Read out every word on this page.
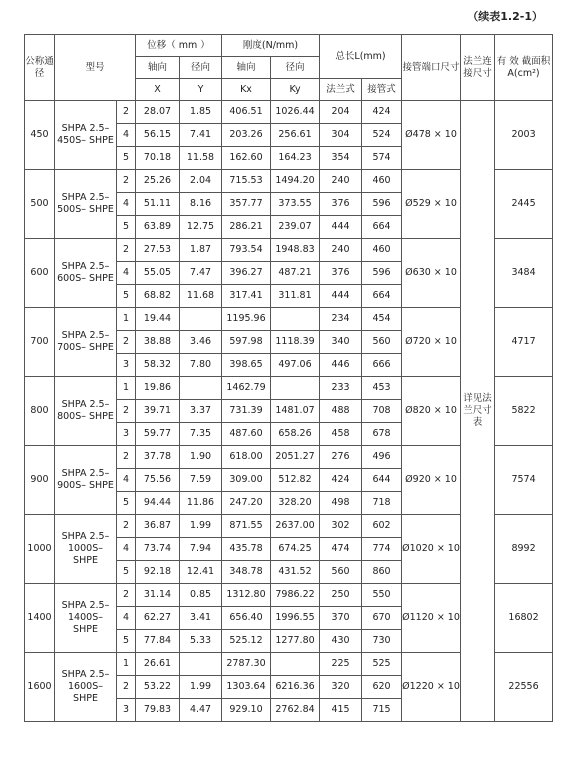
（续表1.2-1）
公称通径	型号		位移（ mm ）		刚度(N/mm)		总长L(mm)		接管端口尺寸	法兰连接尺寸	有 效 截面积 A(cm²)
			轴向	径向	轴向	径向					
			X	Y	Kx	Ky	法兰式	接管式			
450	SHPA 2.5–450S– SHPE	2	28.07	1.85	406.51	1026.44	204	424	Ø478 × 10	详见法兰尺寸表	2003
		4	56.15	7.41	203.26	256.61	304	524			
		5	70.18	11.58	162.60	164.23	354	574			
500	SHPA 2.5–500S– SHPE	2	25.26	2.04	715.53	1494.20	240	460	Ø529 × 10		2445
		4	51.11	8.16	357.77	373.55	376	596			
		5	63.89	12.75	286.21	239.07	444	664			
600	SHPA 2.5–600S– SHPE	2	27.53	1.87	793.54	1948.83	240	460	Ø630 × 10		3484
		4	55.05	7.47	396.27	487.21	376	596			
		5	68.82	11.68	317.41	311.81	444	664			
700	SHPA 2.5–700S– SHPE	1	19.44		1195.96		234	454	Ø720 × 10		4717
		2	38.88	3.46	597.98	1118.39	340	560			
		3	58.32	7.80	398.65	497.06	446	666			
800	SHPA 2.5–800S– SHPE	1	19.86		1462.79		233	453	Ø820 × 10		5822
		2	39.71	3.37	731.39	1481.07	488	708			
		3	59.77	7.35	487.60	658.26	458	678			
900	SHPA 2.5–900S– SHPE	2	37.78	1.90	618.00	2051.27	276	496	Ø920 × 10		7574
		4	75.56	7.59	309.00	512.82	424	644			
		5	94.44	11.86	247.20	328.20	498	718			
1000	SHPA 2.5– 1000S– SHPE	2	36.87	1.99	871.55	2637.00	302	602	Ø1020 × 10		8992
		4	73.74	7.94	435.78	674.25	474	774			
		5	92.18	12.41	348.78	431.52	560	860			
1400	SHPA 2.5– 1400S– SHPE	2	31.14	0.85	1312.80	7986.22	250	550	Ø1120 × 10		16802
		4	62.27	3.41	656.40	1996.55	370	670			
		5	77.84	5.33	525.12	1277.80	430	730			
1600	SHPA 2.5– 1600S– SHPE	1	26.61		2787.30		225	525	Ø1220 × 10		22556
		2	53.22	1.99	1303.64	6216.36	320	620			
		3	79.83	4.47	929.10	2762.84	415	715			
